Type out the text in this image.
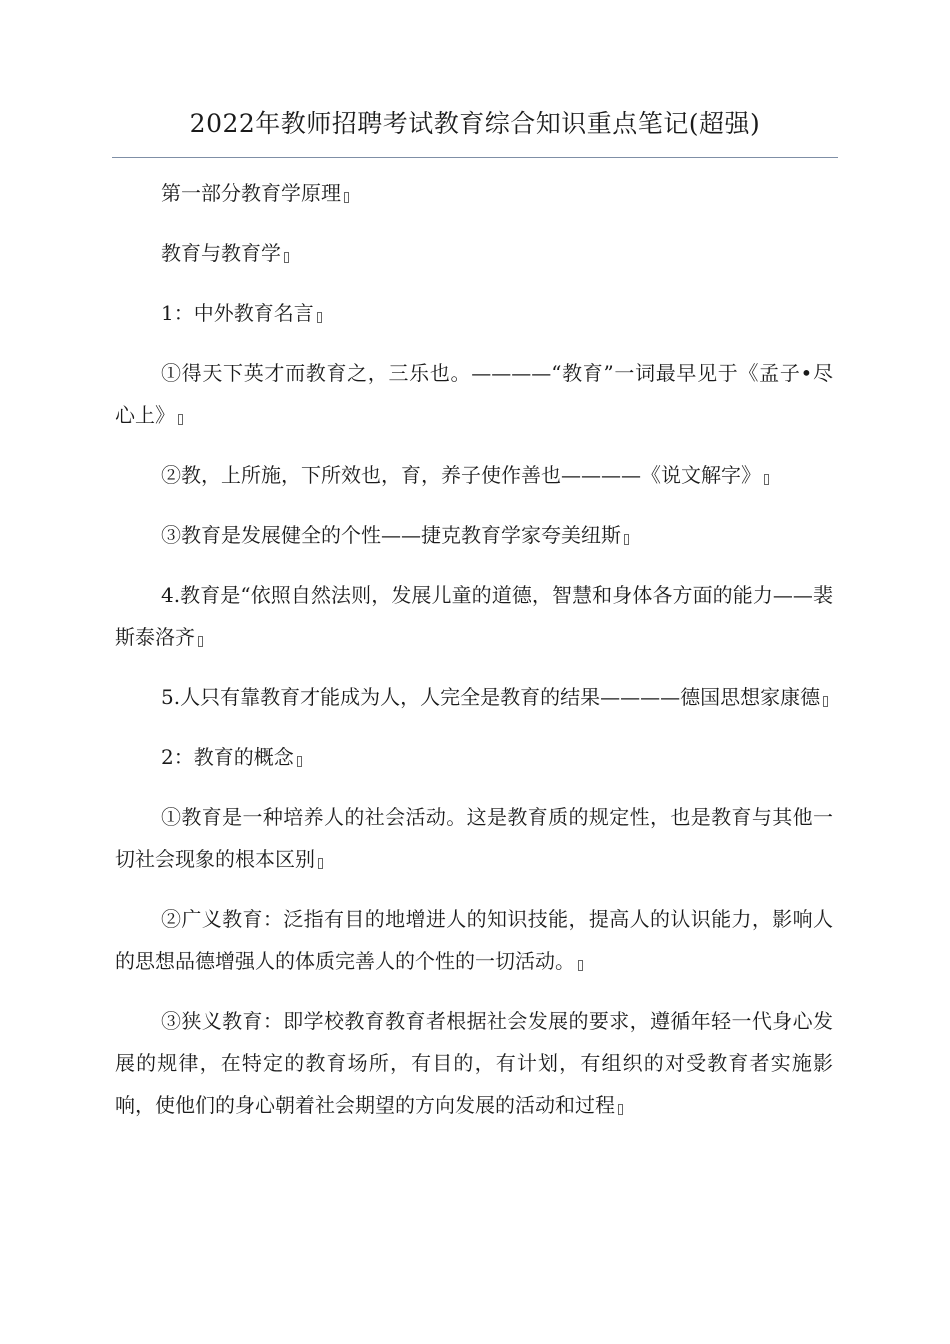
2022年教师招聘考试教育综合知识重点笔记(超强)

第一部分教育学原理

教育与教育学

1：中外教育名言

①得天下英才而教育之，三乐也。————“教育”一词最早见于《孟子•尽心上》

②教，上所施，下所效也，育，养子使作善也————《说文解字》

③教育是发展健全的个性——捷克教育学家夸美纽斯

4.教育是“依照自然法则，发展儿童的道德，智慧和身体各方面的能力——裴斯泰洛齐

5.人只有靠教育才能成为人，人完全是教育的结果————德国思想家康德

2：教育的概念

①教育是一种培养人的社会活动。这是教育质的规定性，也是教育与其他一切社会现象的根本区别

②广义教育：泛指有目的地增进人的知识技能，提高人的认识能力，影响人的思想品德增强人的体质完善人的个性的一切活动。

③狭义教育：即学校教育教育者根据社会发展的要求，遵循年轻一代身心发展的规律，在特定的教育场所，有目的，有计划，有组织的对受教育者实施影响，使他们的身心朝着社会期望的方向发展的活动和过程
